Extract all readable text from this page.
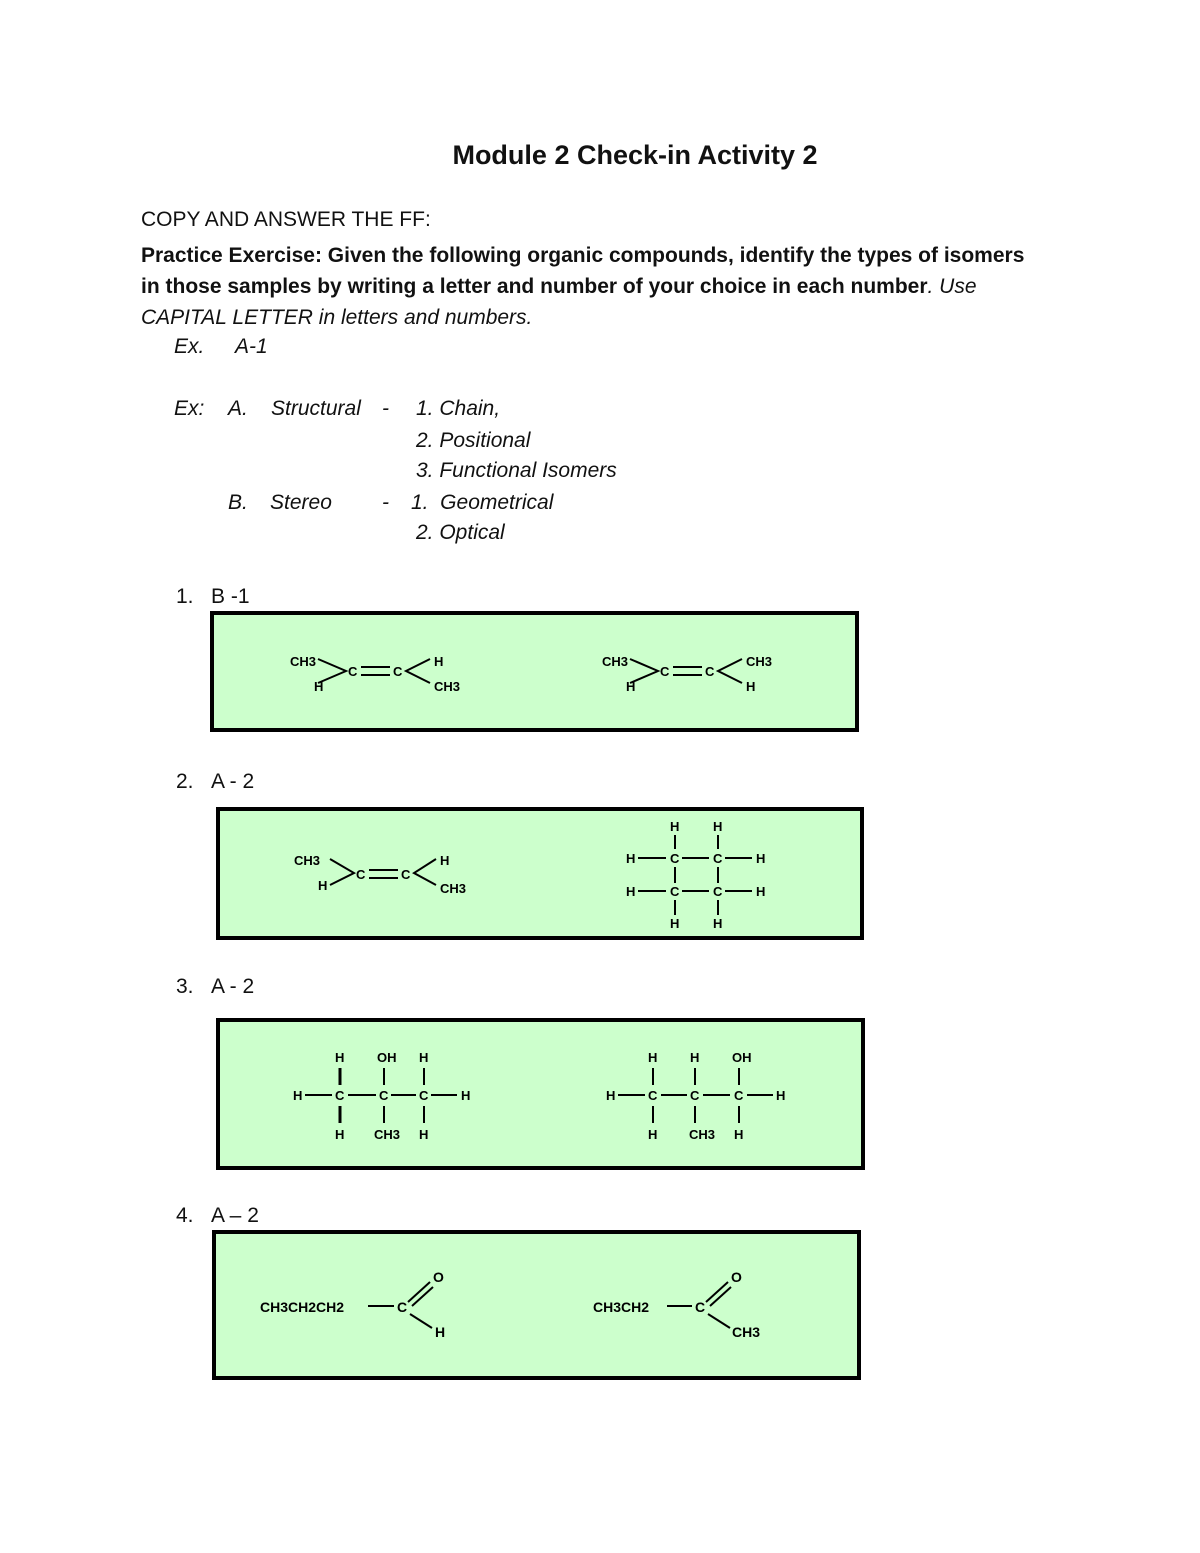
Module 2 Check-in Activity 2
COPY AND ANSWER THE FF:
Practice Exercise: Given the following organic compounds, identify the types of isomers in those samples by writing a letter and number of your choice in each number. Use CAPITAL LETTER in letters and numbers.
Ex. A-1
Ex: A. Structural - 1. Chain,
2. Positional
3. Functional Isomers
B. Stereo - 1.  Geometrical
2. Optical
1. B -1
CH3
H
C	C
H
CH3
CH3
H
C	C
CH3
H
2. A - 2
CH3
H
C	C
H
CH3
H	H
H	C	C	H
H	C	C	H
H	H
3. A - 2
H	OH H
H	C	C C	H
H CH3 H
H	H	OH
H	C	C	C	H
H CH3 H
4. A – 2
CH3CH2CH2	C
O
H
CH3CH2	C
O
CH3
